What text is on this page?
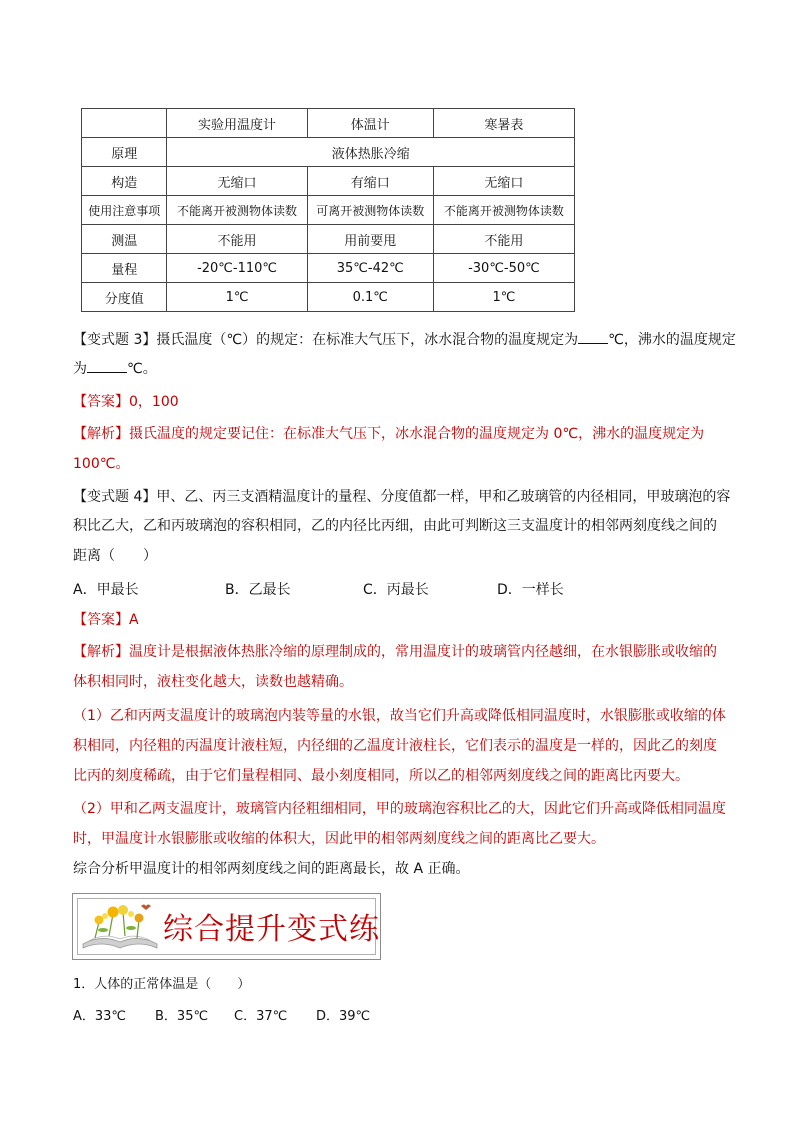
	实验用温度计	体温计	寒暑表
原理	液体热胀冷缩		
构造	无缩口	有缩口	无缩口
使用注意事项	不能离开被测物体读数	可离开被测物体读数	不能离开被测物体读数
测温	不能用	用前要甩	不能用
量程	-20℃-110℃	35℃-42℃	-30℃-50℃
分度值	1℃	0.1℃	1℃
【变式题 3】摄氏温度（℃）的规定：在标准大气压下，冰水混合物的温度规定为 ℃，沸水的温度规定
为	℃。
【答案】0，100
【解析】摄氏温度的规定要记住：在标准大气压下，冰水混合物的温度规定为 0℃，沸水的温度规定为
100℃。
【变式题 4】甲、乙、丙三支酒精温度计的量程、分度值都一样，甲和乙玻璃管的内径相同，甲玻璃泡的容
积比乙大，乙和丙玻璃泡的容积相同，乙的内径比丙细，由此可判断这三支温度计的相邻两刻度线之间的
距离（　　）
A．甲最长	B．乙最长	C．丙最长	D．一样长
【答案】A
【解析】温度计是根据液体热胀冷缩的原理制成的，常用温度计的玻璃管内径越细，在水银膨胀或收缩的
体积相同时，液柱变化越大，读数也越精确。
（1）乙和丙两支温度计的玻璃泡内装等量的水银，故当它们升高或降低相同温度时，水银膨胀或收缩的体
积相同，内径粗的丙温度计液柱短，内径细的乙温度计液柱长，它们表示的温度是一样的，因此乙的刻度
比丙的刻度稀疏，由于它们量程相同、最小刻度相同，所以乙的相邻两刻度线之间的距离比丙要大。
（2）甲和乙两支温度计，玻璃管内径粗细相同，甲的玻璃泡容积比乙的大，因此它们升高或降低相同温度
时，甲温度计水银膨胀或收缩的体积大，因此甲的相邻两刻度线之间的距离比乙要大。
综合分析甲温度计的相邻两刻度线之间的距离最长，故 A 正确。
综合提升变式练
1．人体的正常体温是（　　）
A．33℃ B．35℃ C．37℃ D．39℃
